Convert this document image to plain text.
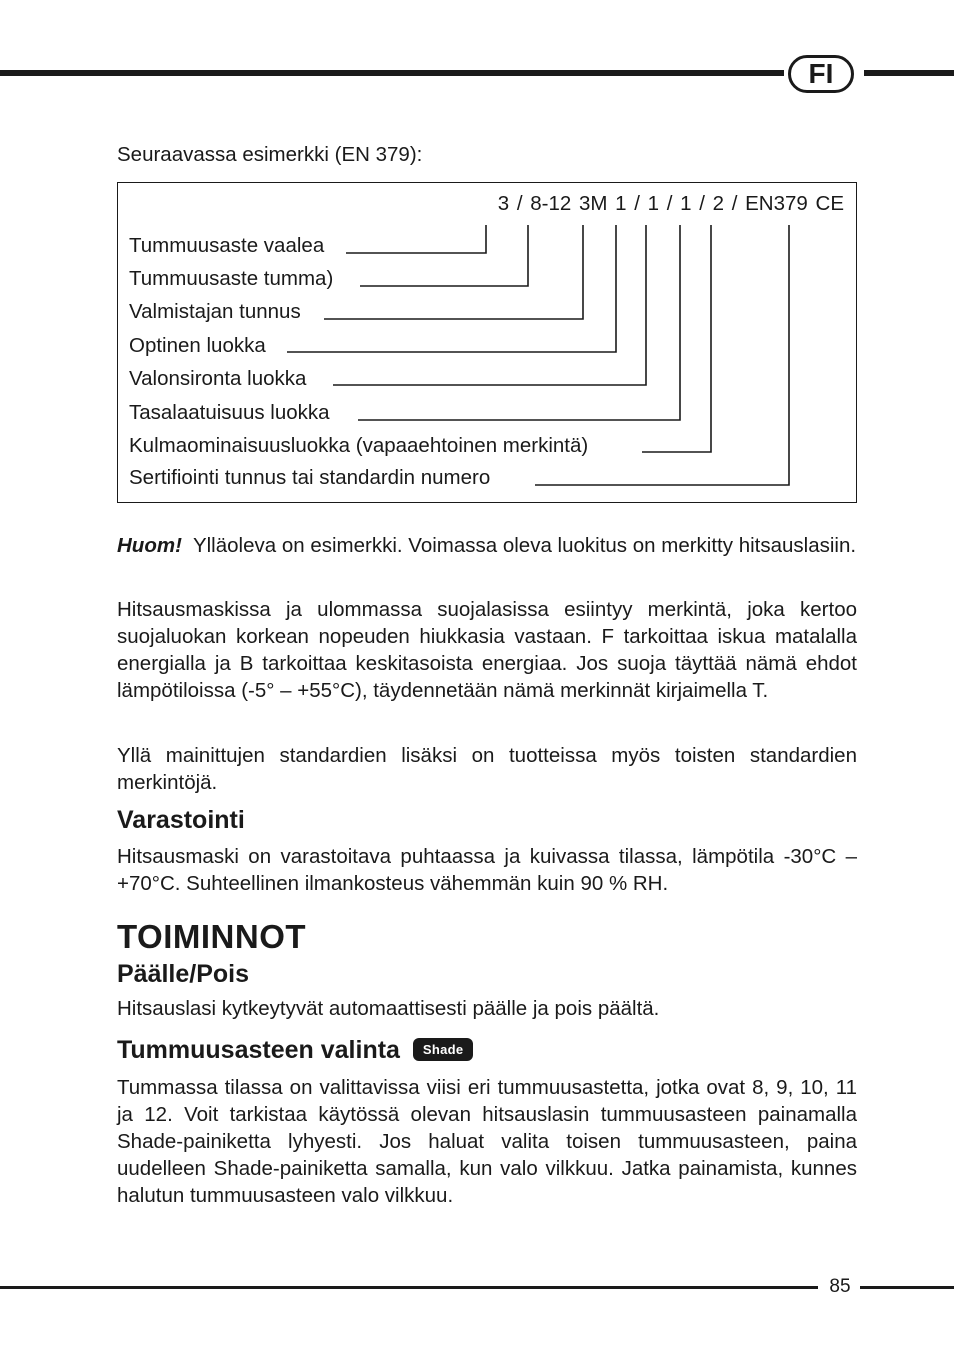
FI
Seuraavassa esimerkki (EN 379):
3 / 8-12 3M 1 / 1 / 1 / 2 / EN379 CE
Tummuusaste vaalea
Tummuusaste tumma)
Valmistajan tunnus
Optinen luokka
Valonsironta luokka
Tasalaatuisuus luokka
Kulmaominaisuusluokka (vapaaehtoinen merkintä)
Sertifiointi tunnus tai standardin numero
Huom! Ylläoleva on esimerkki. Voimassa oleva luokitus on merkitty hitsauslasiin.
Hitsausmaskissa ja ulommassa suojalasissa esiintyy merkintä, joka kertoo suojaluokan korkean nopeuden hiukkasia vastaan. F tarkoittaa iskua matalalla energialla ja B tarkoittaa keskitasoista energiaa. Jos suoja täyttää nämä ehdot lämpötiloissa (-5° – +55°C), täydennetään nämä merkinnät kirjaimella T.
Yllä mainittujen standardien lisäksi on tuotteissa myös toisten standardien merkintöjä.
Varastointi
Hitsausmaski on varastoitava puhtaassa ja kuivassa tilassa, lämpötila -30°C – +70°C. Suhteellinen ilmankosteus vähemmän kuin 90 % RH.
TOIMINNOT
Päälle/Pois
Hitsauslasi kytkeytyvät automaattisesti päälle ja pois päältä.
Tummuusasteen valinta Shade
Tummassa tilassa on valittavissa viisi eri tummuusastetta, jotka ovat 8, 9, 10, 11 ja 12. Voit tarkistaa käytössä olevan hitsauslasin tummuusasteen painamalla Shade-painiketta lyhyesti. Jos haluat valita toisen tummuusasteen, paina uudelleen Shade-painiketta samalla, kun valo vilkkuu. Jatka painamista, kunnes halutun tummuusasteen valo vilkkuu.
85
